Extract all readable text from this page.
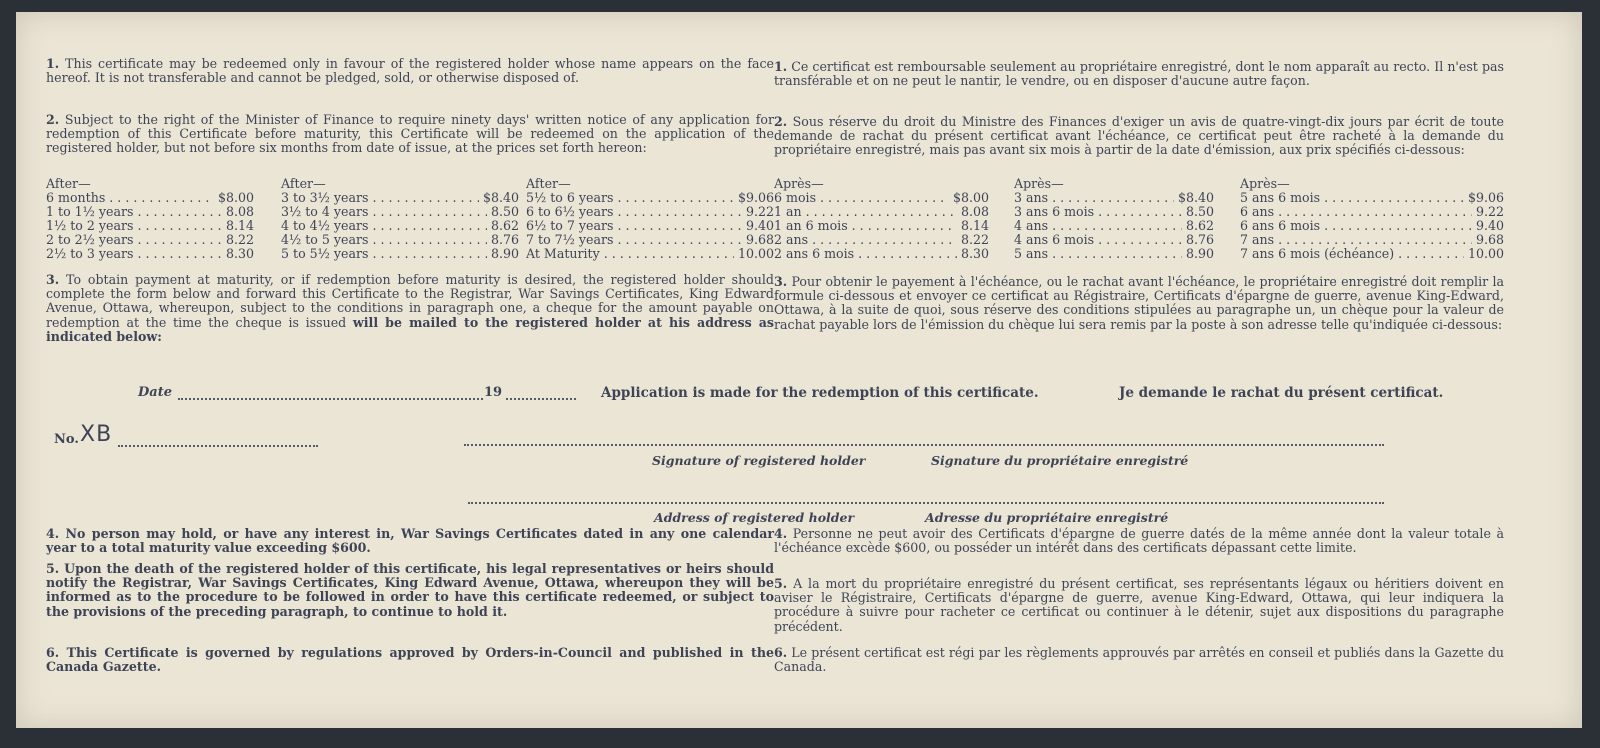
1. This certificate may be redeemed only in favour of the registered holder whose name appears on the face hereof. It is not transferable and cannot be pledged, sold, or otherwise disposed of.

2. Subject to the right of the Minister of Finance to require ninety days' written notice of any application for redemption of this Certificate before maturity, this Certificate will be redeemed on the application of the registered holder, but not before six months from date of issue, at the prices set forth hereon:

After—
6 months . . .	$8.00
1 to 1½ years . . .	8.08
1½ to 2 years . . .	8.14
2 to 2½ years . . .	8.22
2½ to 3 years . . .	8.30
After—
3 to 3½ years . . .	$8.40
3½ to 4 years . . .	8.50
4 to 4½ years . . .	8.62
4½ to 5 years . . .	8.76
5 to 5½ years . . .	8.90
After—
5½ to 6 years . . .	$9.06
6 to 6½ years . . .	9.22
6½ to 7 years . . .	9.40
7 to 7½ years . . .	9.68
At Maturity . . .	10.00

3. To obtain payment at maturity, or if redemption before maturity is desired, the registered holder should complete the form below and forward this Certificate to the Registrar, War Savings Certificates, King Edward Avenue, Ottawa, whereupon, subject to the conditions in paragraph one, a cheque for the amount payable on redemption at the time the cheque is issued will be mailed to the registered holder at his address as indicated below:

4. No person may hold, or have any interest in, War Savings Certificates dated in any one calendar year to a total maturity value exceeding $600.

5. Upon the death of the registered holder of this certificate, his legal representatives or heirs should notify the Registrar, War Savings Certificates, King Edward Avenue, Ottawa, whereupon they will be informed as to the procedure to be followed in order to have this certificate redeemed, or subject to the provisions of the preceding paragraph, to continue to hold it.

6. This Certificate is governed by regulations approved by Orders-in-Council and published in the Canada Gazette.

1. Ce certificat est remboursable seulement au propriétaire enregistré, dont le nom apparaît au recto. Il n'est pas transférable et on ne peut le nantir, le vendre, ou en disposer d'aucune autre façon.

2. Sous réserve du droit du Ministre des Finances d'exiger un avis de quatre-vingt-dix jours par écrit de toute demande de rachat du présent certificat avant l'échéance, ce certificat peut être racheté à la demande du propriétaire enregistré, mais pas avant six mois à partir de la date d'émission, aux prix spécifiés ci-dessous:

Après—
6 mois . . .	$8.00
1 an . . .	8.08
1 an 6 mois . . .	8.14
2 ans . . .	8.22
2 ans 6 mois . . .	8.30
Après—
3 ans . . .	$8.40
3 ans 6 mois . . .	8.50
4 ans . . .	8.62
4 ans 6 mois . . .	8.76
5 ans . . .	8.90
Après—
5 ans 6 mois . . .	$9.06
6 ans . . .	9.22
6 ans 6 mois . . .	9.40
7 ans . . .	9.68
7 ans 6 mois (échéance) . . .	10.00

3. Pour obtenir le payement à l'échéance, ou le rachat avant l'échéance, le propriétaire enregistré doit remplir la formule ci-dessous et envoyer ce certificat au Régistraire, Certificats d'épargne de guerre, avenue King-Edward, Ottawa, à la suite de quoi, sous réserve des conditions stipulées au paragraphe un, un chèque pour la valeur de rachat payable lors de l'émission du chèque lui sera remis par la poste à son adresse telle qu'indiquée ci-dessous:

4. Personne ne peut avoir des Certificats d'épargne de guerre datés de la même année dont la valeur totale à l'échéance excède $600, ou posséder un intérêt dans des certificats dépassant cette limite.

5. A la mort du propriétaire enregistré du présent certificat, ses représentants légaux ou héritiers doivent en aviser le Régistraire, Certificats d'épargne de guerre, avenue King-Edward, Ottawa, qui leur indiquera la procédure à suivre pour racheter ce certificat ou continuer à le détenir, sujet aux dispositions du paragraphe précédent.

6. Le présent certificat est régi par les règlements approuvés par arrêtés en conseil et publiés dans la Gazette du Canada.

Date	19	Application is made for the redemption of this certificate.	Je demande le rachat du présent certificat.
No. XB
Signature of registered holder	Signature du propriétaire enregistré
Address of registered holder	Adresse du propriétaire enregistré
